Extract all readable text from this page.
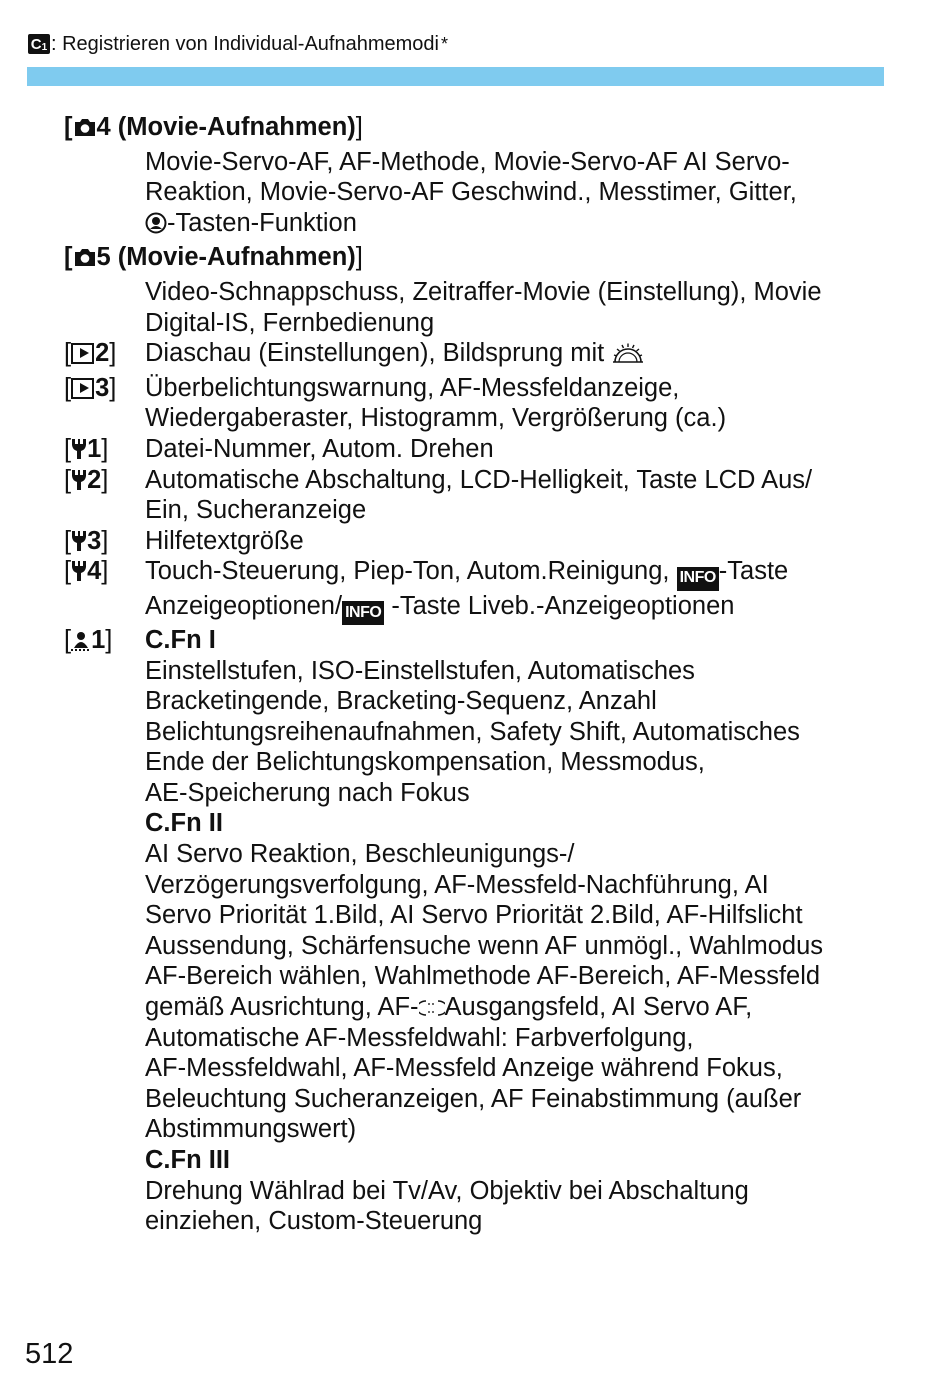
C 1 : Registrieren von Individual-Aufnahmemodi *
[ 4 (Movie-Aufnahmen)]
Movie-Servo-AF, AF-Methode, Movie-Servo-AF AI Servo-
Reaktion, Movie-Servo-AF Geschwind., Messtimer, Gitter,
-Tasten-Funktion
[ 5 (Movie-Aufnahmen)]
Video-Schnappschuss, Zeitraffer-Movie (Einstellung), Movie
Digital-IS, Fernbedienung
[ 2]	Diaschau (Einstellungen), Bildsprung mit
[ 3]	Überbelichtungswarnung, AF-Messfeldanzeige,
Wiedergaberaster, Histogramm, Vergrößerung (ca.)
[ 1]	Datei-Nummer, Autom. Drehen
[ 2]	Automatische Abschaltung, LCD-Helligkeit, Taste LCD Aus/
Ein, Sucheranzeige
[ 3]	Hilfetextgröße
[ 4]	Touch-Steuerung, Piep-Ton, Autom.Reinigung, INFO -Taste
Anzeigeoptionen/ INFO -Taste Liveb.-Anzeigeoptionen
[ 1]	C.Fn I
Einstellstufen, ISO-Einstellstufen, Automatisches
Bracketingende, Bracketing-Sequenz, Anzahl
Belichtungsreihenaufnahmen, Safety Shift, Automatisches
Ende der Belichtungskompensation, Messmodus,
AE-Speicherung nach Fokus
C.Fn II
AI Servo Reaktion, Beschleunigungs-/
Verzögerungsverfolgung, AF-Messfeld-Nachführung, AI
Servo Priorität 1.Bild, AI Servo Priorität 2.Bild, AF-Hilfslicht
Aussendung, Schärfensuche wenn AF unmögl., Wahlmodus
AF-Bereich wählen, Wahlmethode AF-Bereich, AF-Messfeld
gemäß Ausrichtung, AF- Ausgangsfeld, AI Servo AF,
Automatische AF-Messfeldwahl: Farbverfolgung,
AF-Messfeldwahl, AF-Messfeld Anzeige während Fokus,
Beleuchtung Sucheranzeigen, AF Feinabstimmung (außer
Abstimmungswert)
C.Fn III
Drehung Wählrad bei Tv/Av, Objektiv bei Abschaltung
einziehen, Custom-Steuerung
512
